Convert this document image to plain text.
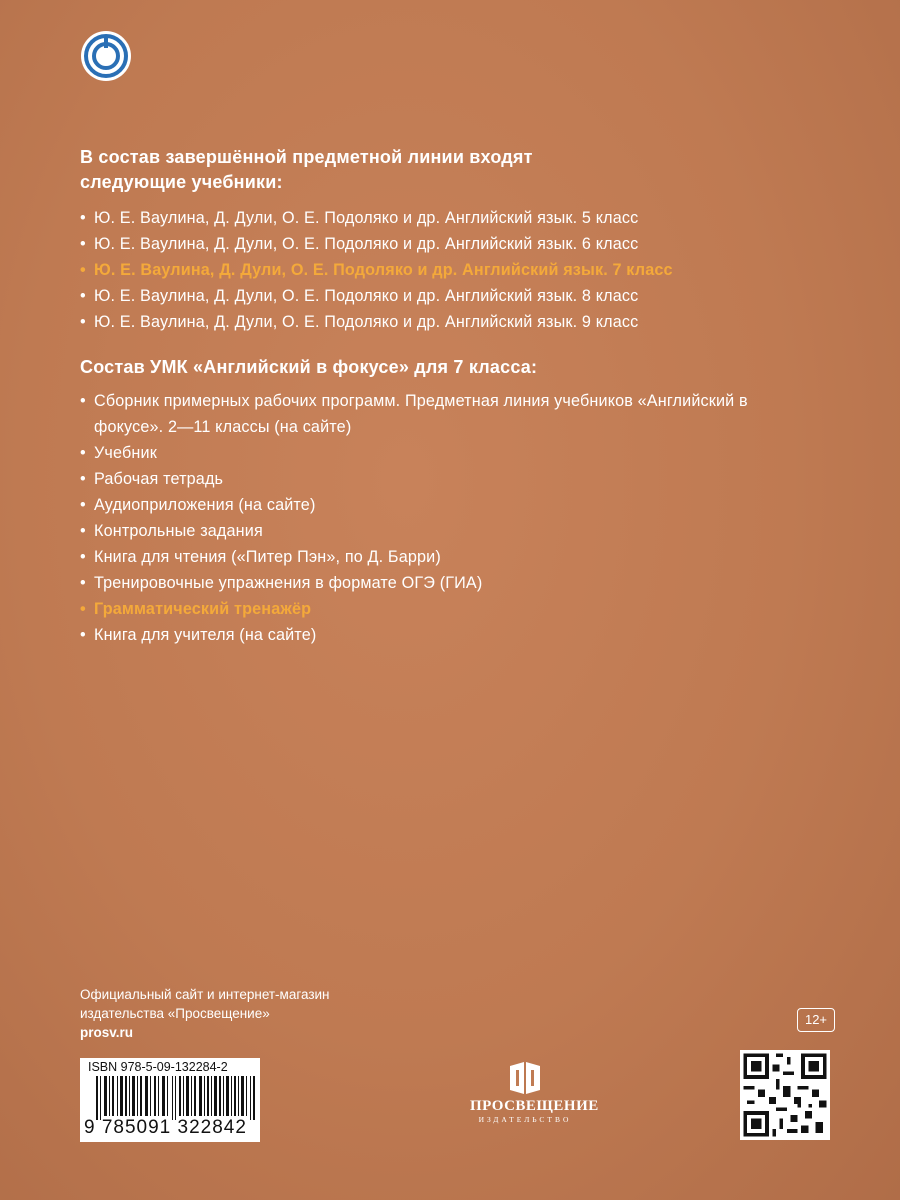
В состав завершённой предметной линии входят
следующие учебники:
• Ю. Е. Ваулина, Д. Дули, О. Е. Подоляко и др. Английский язык. 5 класс
• Ю. Е. Ваулина, Д. Дули, О. Е. Подоляко и др. Английский язык. 6 класс
• Ю. Е. Ваулина, Д. Дули, О. Е. Подоляко и др. Английский язык. 7 класс
• Ю. Е. Ваулина, Д. Дули, О. Е. Подоляко и др. Английский язык. 8 класс
• Ю. Е. Ваулина, Д. Дули, О. Е. Подоляко и др. Английский язык. 9 класс
Состав УМК «Английский в фокусе» для 7 класса:
• Сборник примерных рабочих программ. Предметная линия учебников «Английский в фокусе». 2—11 классы (на сайте)
• Учебник
• Рабочая тетрадь
• Аудиоприложения (на сайте)
• Контрольные задания
• Книга для чтения («Питер Пэн», по Д. Барри)
• Тренировочные упражнения в формате ОГЭ (ГИА)
• Грамматический тренажёр
• Книга для учителя (на сайте)
Официальный сайт и интернет-магазин
издательства «Просвещение»
prosv.ru
12+
ISBN 978-5-09-132284-2
9 785091 322842
ПРОСВЕЩЕНИЕ
ИЗДАТЕЛЬСТВО
